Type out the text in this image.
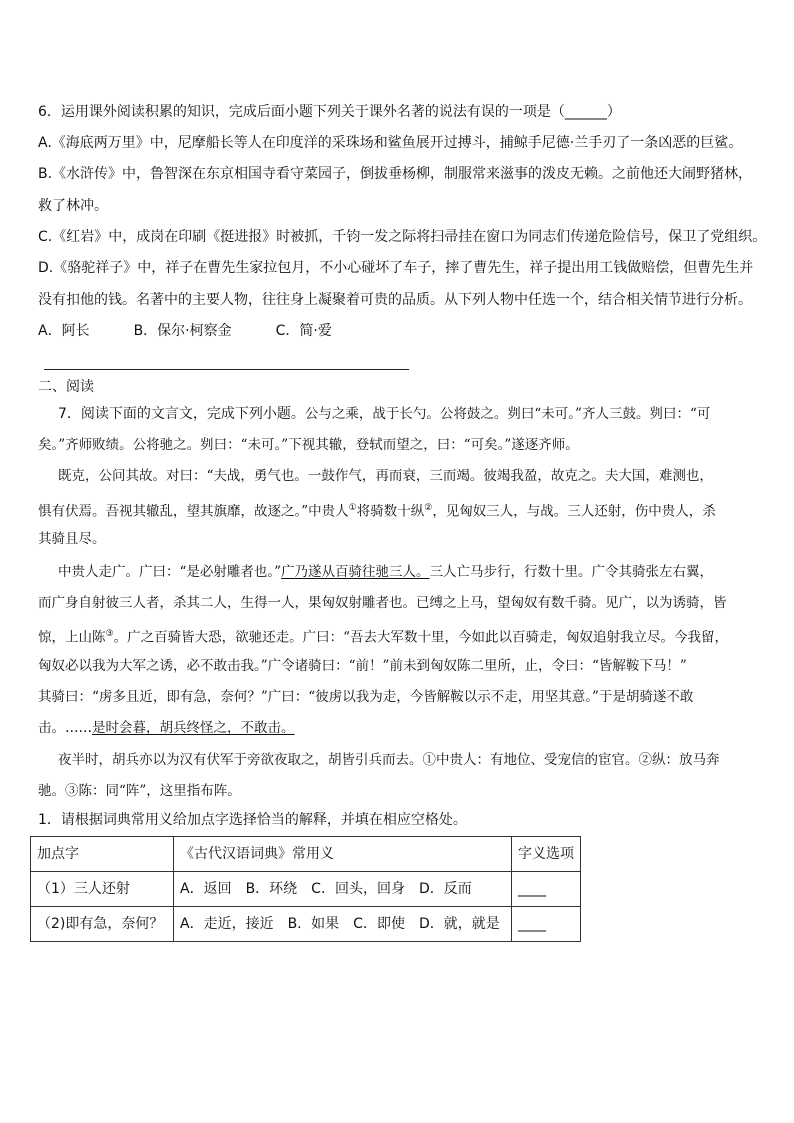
6．运用课外阅读积累的知识，完成后面小题下列关于课外名著的说法有误的一项是（______）
A.《海底两万里》中，尼摩船长等人在印度洋的采珠场和鲨鱼展开过搏斗，捕鲸手尼德·兰手刃了一条凶恶的巨鲨。
B.《水浒传》中，鲁智深在东京相国寺看守菜园子，倒拔垂杨柳，制服常来滋事的泼皮无赖。之前他还大闹野猪林，
救了林冲。
C.《红岩》中，成岗在印刷《挺进报》时被抓，千钧一发之际将扫帚挂在窗口为同志们传递危险信号，保卫了党组织。
D.《骆驼祥子》中，祥子在曹先生家拉包月，不小心碰坏了车子，摔了曹先生，祥子提出用工钱做赔偿，但曹先生并
没有扣他的钱。名著中的主要人物，往往身上凝聚着可贵的品质。从下列人物中任选一个，结合相关情节进行分析。
A．阿长	B．保尔·柯察金	C．简·爱
二、阅读
7．阅读下面的文言文，完成下列小题。公与之乘，战于长勺。公将鼓之。刿曰“未可。”齐人三鼓。刿曰：“可
矣。”齐师败绩。公将驰之。刿曰：“未可。”下视其辙，登轼而望之，曰：“可矣。”遂逐齐师。
既克，公问其故。对曰：“夫战，勇气也。一鼓作气，再而衰，三而竭。彼竭我盈，故克之。夫大国，难测也，
惧有伏焉。吾视其辙乱，望其旗靡，故逐之。”中贵人①将骑数十纵②，见匈奴三人，与战。三人还射，伤中贵人，杀
其骑且尽。
中贵人走广。广曰：“是必射雕者也。”广乃遂从百骑往驰三人。三人亡马步行，行数十里。广令其骑张左右翼，
而广身自射彼三人者，杀其二人，生得一人，果匈奴射雕者也。已缚之上马，望匈奴有数千骑。见广，以为诱骑，皆
惊，上山陈③。广之百骑皆大恐，欲驰还走。广曰：“吾去大军数十里，今如此以百骑走，匈奴追射我立尽。今我留，
匈奴必以我为大军之诱，必不敢击我。”广令诸骑曰：“前！”前未到匈奴陈二里所，止，令曰：“皆解鞍下马！”
其骑曰：“虏多且近，即有急，奈何？”广曰：“彼虏以我为走，今皆解鞍以示不走，用坚其意。”于是胡骑遂不敢
击。……是时会暮，胡兵终怪之，不敢击。
夜半时，胡兵亦以为汉有伏军于旁欲夜取之，胡皆引兵而去。①中贵人：有地位、受宠信的宦官。②纵：放马奔
驰。③陈：同“阵”，这里指布阵。
1．请根据词典常用义给加点字选择恰当的解释，并填在相应空格处。
加点字	《古代汉语词典》常用义	字义选项
（1）三人还射	A．返回　B．环绕　C．回头，回身　D．反而	____
（2)即有急，奈何？	A．走近，接近　B．如果　C．即使　D．就，就是	____
